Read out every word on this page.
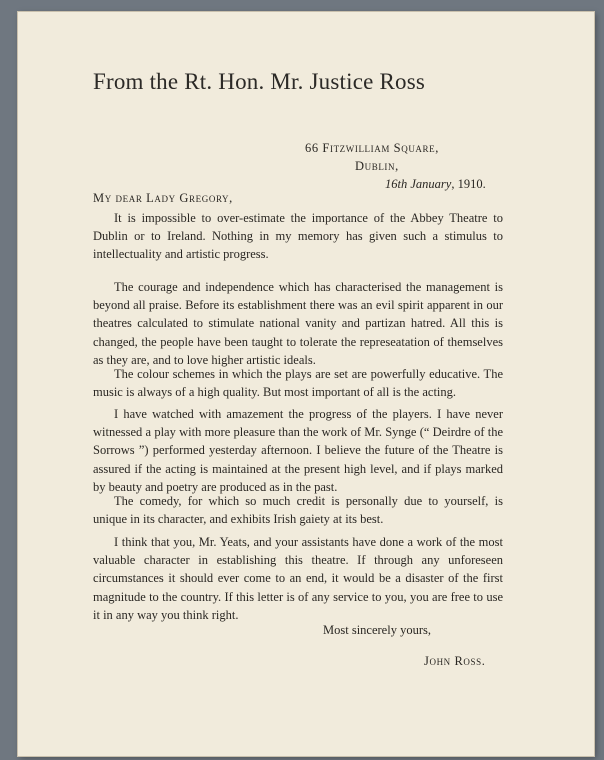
From the Rt. Hon. Mr. Justice Ross
66 Fitzwilliam Square,
Dublin,
16th January, 1910.
My dear Lady Gregory,

It is impossible to over-estimate the importance of the Abbey Theatre to Dublin or to Ireland. Nothing in my memory has given such a stimulus to intellectuality and artistic progress.

The courage and independence which has characterised the management is beyond all praise. Before its establishment there was an evil spirit apparent in our theatres calculated to stimulate national vanity and partizan hatred. All this is changed, the people have been taught to tolerate the represeatation of themselves as they are, and to love higher artistic ideals.

The colour schemes in which the plays are set are powerfully educative. The music is always of a high quality. But most important of all is the acting.

I have watched with amazement the progress of the players. I have never witnessed a play with more pleasure than the work of Mr. Synge (“ Deirdre of the Sorrows ”) performed yesterday afternoon. I believe the future of the Theatre is assured if the acting is maintained at the present high level, and if plays marked by beauty and poetry are produced as in the past.

The comedy, for which so much credit is personally due to yourself, is unique in its character, and exhibits Irish gaiety at its best.

I think that you, Mr. Yeats, and your assistants have done a work of the most valuable character in establishing this theatre. If through any unforeseen circumstances it should ever come to an end, it would be a disaster of the first magnitude to the country. If this letter is of any service to you, you are free to use it in any way you think right.

Most sincerely yours,
John Ross.
